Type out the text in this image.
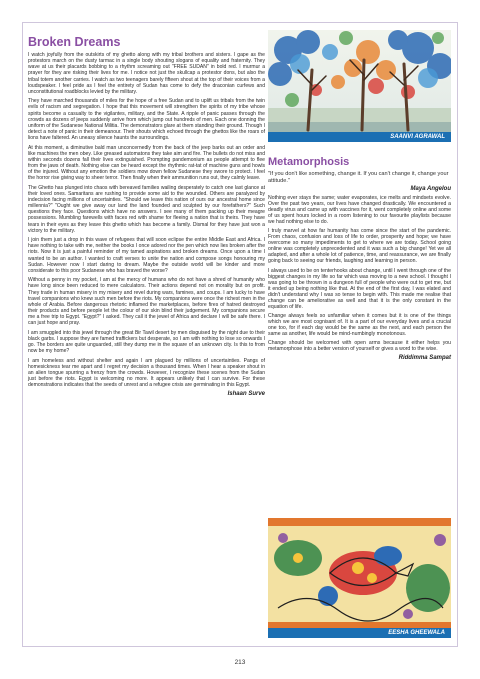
Broken Dreams

I watch joyfully from the outskirts of my ghetto along with my tribal brothers and sisters. I gape as the protestors march on the dusty tarmac in a single body shouting slogans of equality and fraternity. They wave at us their placards bobbing to a rhythm screaming out "FREE SUDAN" in bold red. I murmur a prayer for they are risking their lives for me. I notice not just the skullcap a protestor dons, but also the tribal totem another carries. I watch as two teenagers barely fifteen shout at the top of their voices from a loudspeaker. I feel pride as I feel the entirety of Sudan has come to defy the draconian curfews and unconstitutional roadblocks levied by the military.

They have marched thousands of miles for the hope of a free Sudan and to uplift us tribals from the twin evils of racism and segregation. I hope that this movement will strengthen the spirits of my tribe whose spirits become a casualty to the vigilantes, military, and the State. A ripple of panic passes through the crowds as dozens of jeeps suddenly arrive from which jump out hundreds of men. Each one donning the uniform of the Sudanese National Militia. The demonstrators glare at them standing their ground. Though I detect a note of panic in their demeanour. Their shouts which echoed through the ghettos like the roars of lions have faltered. An uneasy silence haunts the surroundings.

At this moment, a diminutive bald man unconcernedly from the back of the jeep barks out an order and like machines the men obey. Like greased automatons they take aim and fire. The bullets do not miss and within seconds dozens fall their lives extinguished. Prompting pandemonium as people attempt to flee from the jaws of death. Nothing else can be heard except the rhythmic rat-tat of machine guns and howls of the injured. Without any emotion the soldiers mow down fellow Sudanese they swore to protect. I feel the horror rise giving way to sheer terror. Then finally when their ammunition runs out, they calmly leave.

The Ghetto has plunged into chaos with bereaved families wailing desperately to catch one last glance at their loved ones. Samaritans are rushing to provide some aid to the wounded. Others are paralyzed by indecision facing millions of uncertainties. "Should we leave this nation of ours our ancestral home since millennia?" "Ought we give away our land the land founded and sculpted by our forefathers?" Such questions they face. Questions which have no answers. I see many of them packing up their meagre possessions. Mumbling farewells with faces red with shame for fleeing a nation that is theirs. They have tears in their eyes as they leave this ghetto which has become a family. Dismal for they have just won a victory to the military.

I join them just a drop in this wave of refugees that will soon eclipse the entire Middle East and Africa. I have nothing to take with me, neither the books I once adored nor the pen which now lies broken after the riots. Now it is just a painful reminder of my tamed aspirations and broken dreams. Once upon a time I wanted to be an author. I wanted to craft verses to unite the nation and compose songs honouring my Sudan. However now I start daring to dream. Maybe the outside world will be kinder and more considerate to this poor Sudanese who has braved the worse?

Without a penny in my pocket, I am at the mercy of humans who do not have a shred of humanity who have long since been reduced to mere calculators. Their actions depend not on morality but on profit. They trade in human misery in my misery and revel during wars, famines, and coups. I am lucky to have travel companions who knew such men before the riots. My companions were once the richest men in the whole of Arabia. Before dangerous rhetoric inflamed the marketplaces, before fires of hatred destroyed their products and before people let the colour of our skin blind their judgement. My companions secure me a free trip to Egypt. "Egypt?" I asked. They call it the jewel of Africa and declare I will be safe there. I can just hope and pray.

I am smuggled into this jewel through the great Bir Tawil desert by men disguised by the night due to their black garbs. I suppose they are famed traffickers but desperate, so I am with nothing to lose so onwards I go. The borders are quite unguarded, still they dump me in the square of an unknown city. Is this to from now be my home?

I am homeless and without shelter and again I am plagued by millions of uncertainties. Pangs of homesickness tear me apart and I regret my decision a thousand times. When I hear a speaker shout in an alien tongue spurring a frenzy from the crowds. However, I recognize these scenes from the Sudan just before the riots. Egypt is welcoming no more. It appears unlikely that I can survive. For these demonstrations indicates that the seeds of unrest and a refugee crisis are germinating in this Egypt.

Ishaan Surve
SAANVI AGRAWAL
Metamorphosis
"If you don't like something, change it. If you can't change it, change your attitude."
Maya Angelou

Nothing ever stays the same; water evaporates, ice melts and mindsets evolve. Over the past two years, our lives have changed drastically. We encountered a deadly virus and came up with vaccines for it, went completely online and some of us spent hours locked in a room listening to our favourite playlists because we had nothing else to do.

I truly marvel at how far humanity has come since the start of the pandemic. From chaos, confusion and loss of life to order, prosperity and hope; we have overcome so many impediments to get to where we are today. School going online was completely unprecedented and it was such a big change! Yet we all adapted, and after a whole lot of patience, time, and reassurance, we are finally going back to seeing our friends, laughing and learning in person.

I always used to be on tenterhooks about change, until I went through one of the biggest changes in my life so far which was moving to a new school. I thought I was going to be thrown in a dungeon full of people who were out to get me, but it ended up being nothing like that. At the end of the first day, I was elated and didn't understand why I was so tense to begin with. This made me realise that change can be ameliorative as well and that it is the only constant in the equation of life.

Change always feels so unfamiliar when it comes but it is one of the things which we are most cognisant of. It is a part of our everyday lives and a crucial one too, for if each day would be the same as the next, and each person the same as another, life would be mind-numbingly monotonous.

Change should be welcomed with open arms because it either helps you metamorphose into a better version of yourself or gives a word to the wise.

Riddimma Sampat
EESHA GHEEWALA
213
